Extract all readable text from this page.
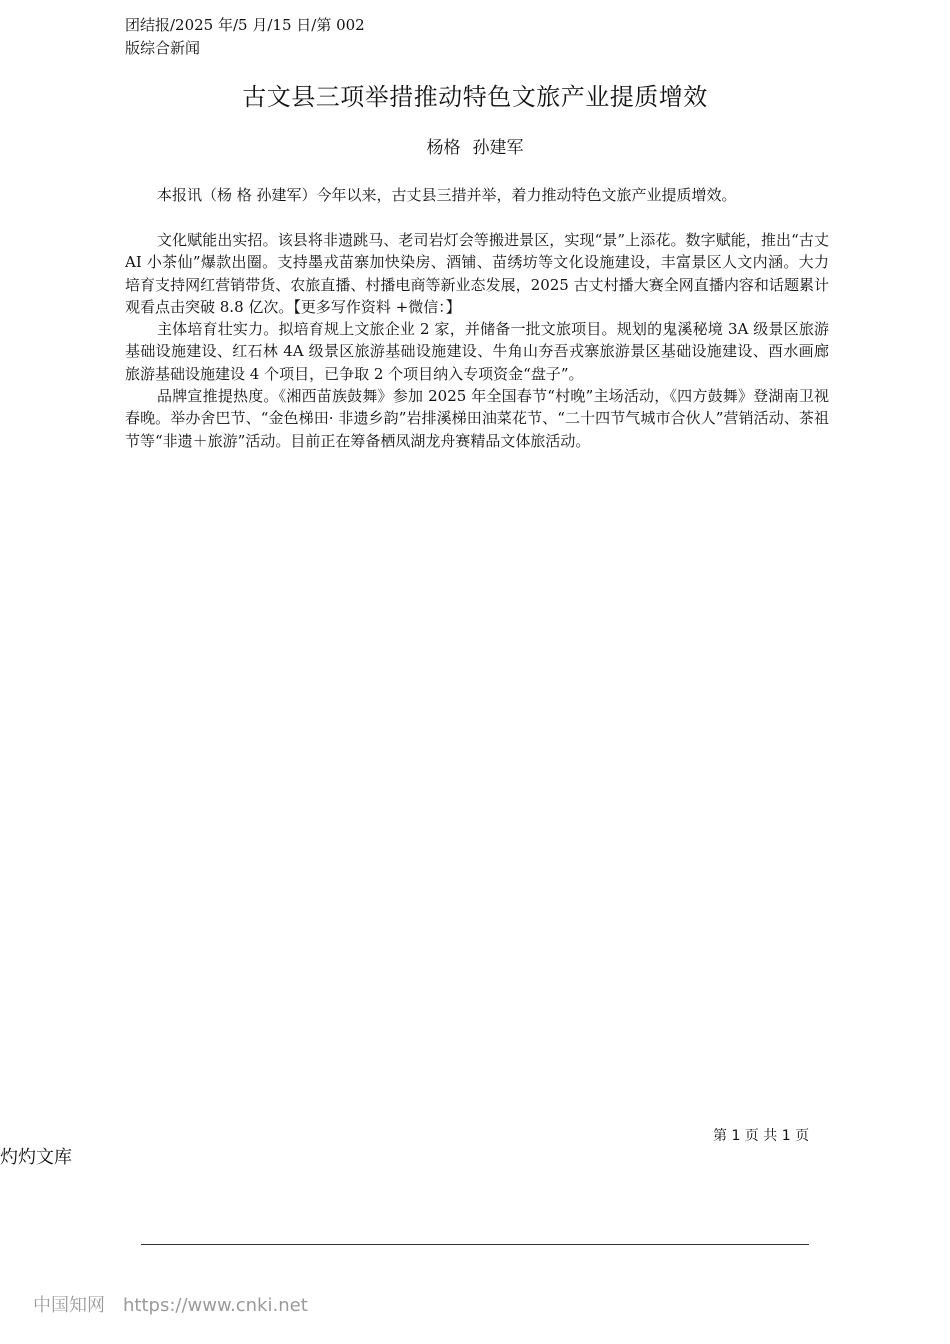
团结报/2025 年/5 月/15 日/第 002
版综合新闻
古文县三项举措推动特色文旅产业提质增效
杨格 孙建军

本报讯（杨 格 孙建军）今年以来，古丈县三措并举，着力推动特色文旅产业提质增效。

文化赋能出实招。该县将非遗跳马、老司岩灯会等搬进景区，实现“景”上添花。数字赋能，推出“古丈 AI 小茶仙”爆款出圈。支持墨戎苗寨加快染房、酒铺、苗绣坊等文化设施建设，丰富景区人文内涵。大力培育支持网红营销带货、农旅直播、村播电商等新业态发展，2025 古丈村播大赛全网直播内容和话题累计观看点击突破 8.8 亿次。【更多写作资料 +微信：】

主体培育壮实力。拟培育规上文旅企业 2 家，并储备一批文旅项目。规划的鬼溪秘境 3A 级景区旅游基础设施建设、红石林 4A 级景区旅游基础设施建设、牛角山夯吾戎寨旅游景区基础设施建设、酉水画廊旅游基础设施建设 4 个项目，已争取 2 个项目纳入专项资金“盘子”。

品牌宣推提热度。《湘西苗族鼓舞》参加 2025 年全国春节“村晚”主场活动，《四方鼓舞》登湖南卫视春晚。举办舍巴节、“金色梯田· 非遗乡韵”岩排溪梯田油菜花节、“二十四节气城市合伙人”营销活动、茶祖节等“非遗＋旅游”活动。目前正在筹备栖凤湖龙舟赛精品文体旅活动。

第 1 页 共 1 页
灼灼文库
中国知网 https://www.cnki.net
